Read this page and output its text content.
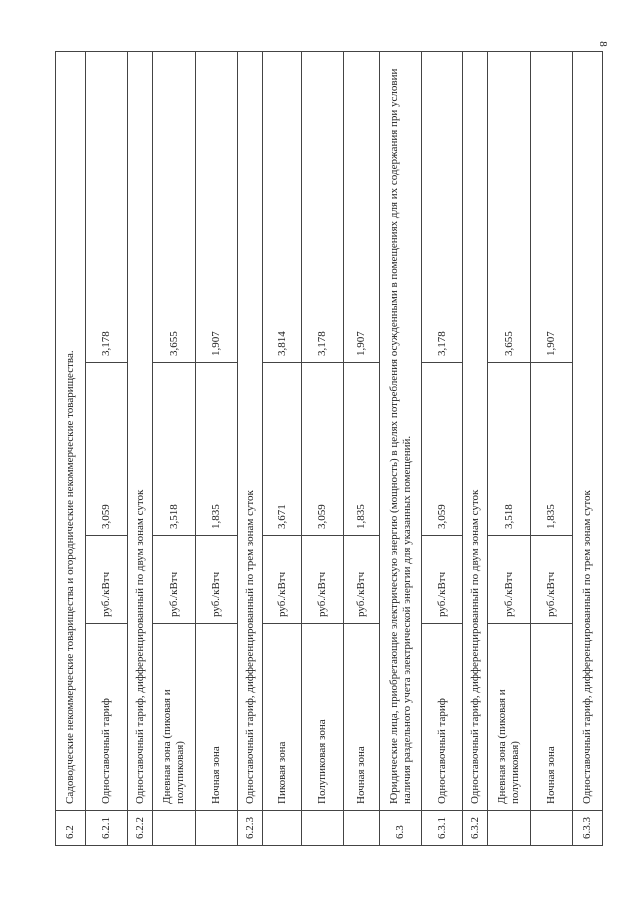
8
6.2	Садоводческие некоммерческие товарищества и огороднические некоммерческие товарищества.			
6.2.1	Одноставочный тариф	руб./кВтч	3,059	3,178
6.2.2	Одноставочный тариф, дифференцированный по двум зонам суток			
	Дневная зона (пиковая и полупиковая)	руб./кВтч	3,518	3,655
	Ночная зона	руб./кВтч	1,835	1,907
6.2.3	Одноставочный тариф, дифференцированный по трем зонам суток			
	Пиковая зона	руб./кВтч	3,671	3,814
	Полупиковая зона	руб./кВтч	3,059	3,178
	Ночная зона	руб./кВтч	1,835	1,907
6.3	Юридические лица, приобретающие электрическую энергию (мощность) в целях потребления осужденными в помещениях для их содержания при условии наличия раздельного учета электрической энергии для указанных помещений.			
6.3.1	Одноставочный тариф	руб./кВтч	3,059	3,178
6.3.2	Одноставочный тариф, дифференцированный по двум зонам суток			
	Дневная зона (пиковая и полупиковая)	руб./кВтч	3,518	3,655
	Ночная зона	руб./кВтч	1,835	1,907
6.3.3	Одноставочный тариф, дифференцированный по трем зонам суток			
